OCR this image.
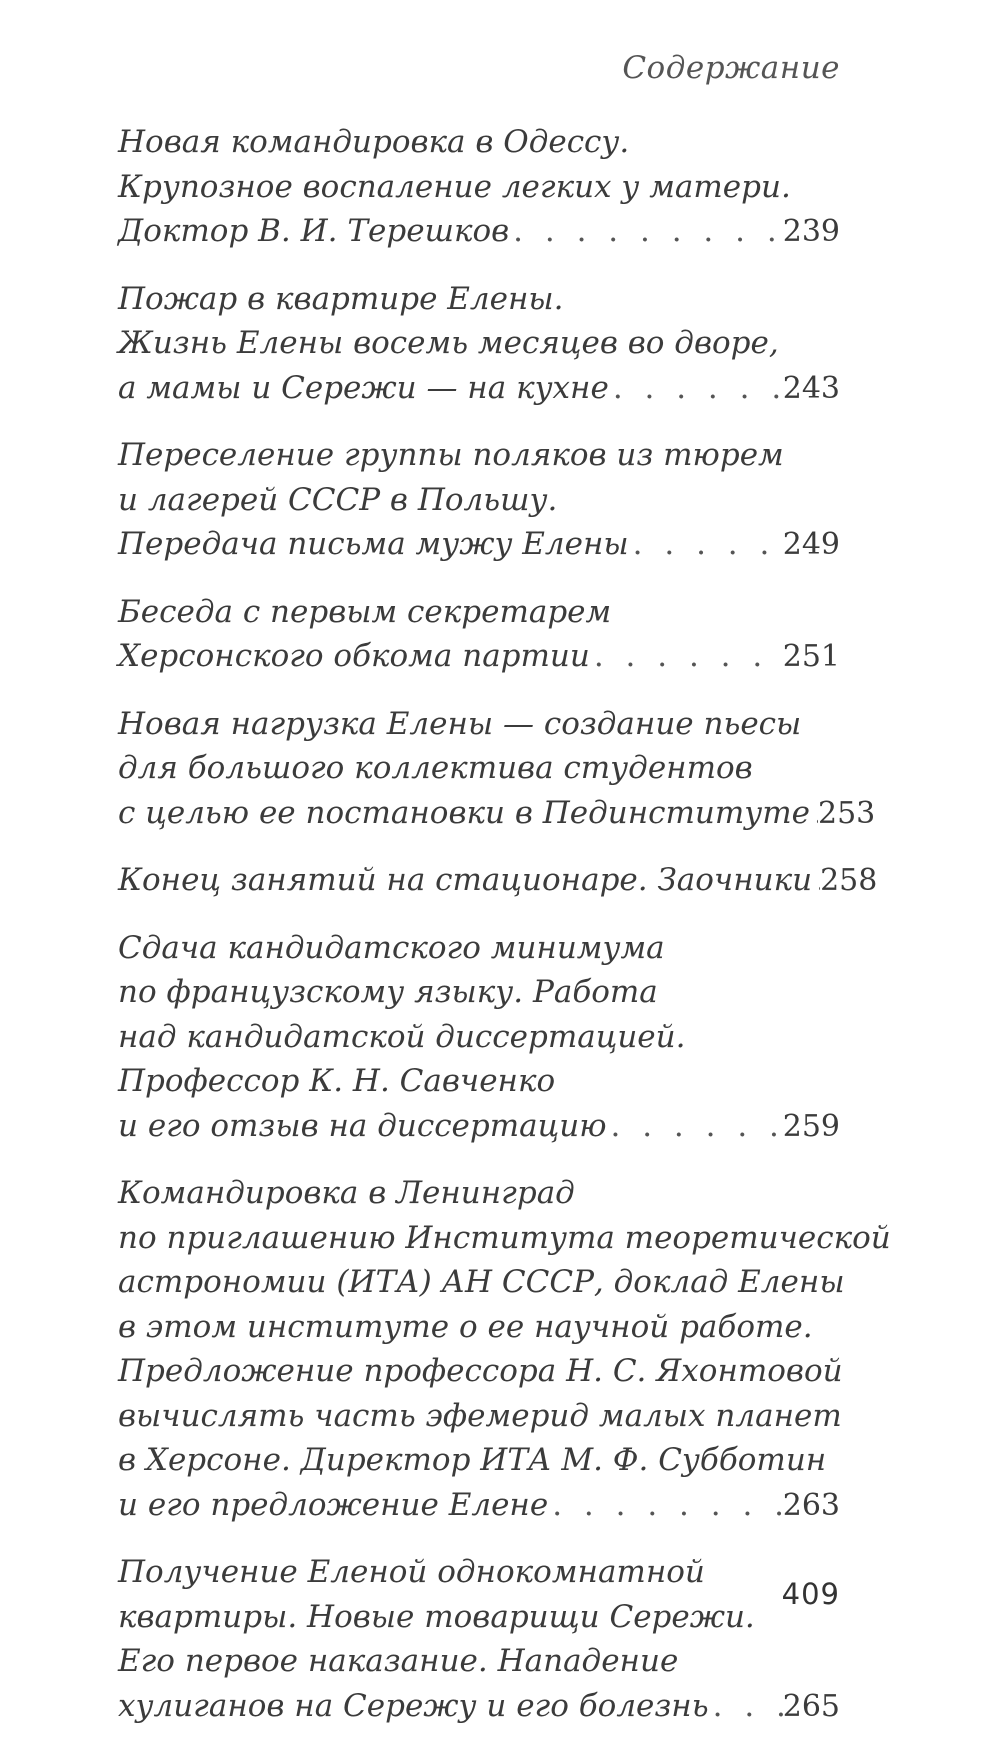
Содержание
Новая командировка в Одессу.
Крупозное воспаление легких у матери.
Доктор В. И. Терешков . . .	239
Пожар в квартире Елены.
Жизнь Елены восемь месяцев во дворе,
а мамы и Сережи — на кухне . . .	243
Переселение группы поляков из тюрем
и лагерей СССР в Польшу.
Передача письма мужу Елены . . .	249
Беседа с первым секретарем
Херсонского обкома партии . . .	251
Новая нагрузка Елены — создание пьесы
для большого коллектива студентов
с целью ее постановки в Пединституте . . . 253
Конец занятий на стационаре. Заочники . . . 258
Сдача кандидатского минимума
по французскому языку. Работа
над кандидатской диссертацией.
Профессор К. Н. Савченко
и его отзыв на диссертацию . . .	259
Командировка в Ленинград
по приглашению Института теоретической
астрономии (ИТА) АН СССР, доклад Елены
в этом институте о ее научной работе.
Предложение профессора Н. С. Яхонтовой
вычислять часть эфемерид малых планет
в Херсоне. Директор ИТА М. Ф. Субботин
и его предложение Елене . . .	263
Получение Еленой однокомнатной
квартиры. Новые товарищи Сережи.
Его первое наказание. Нападение
хулиганов на Сережу и его болезнь . . . 265
409
